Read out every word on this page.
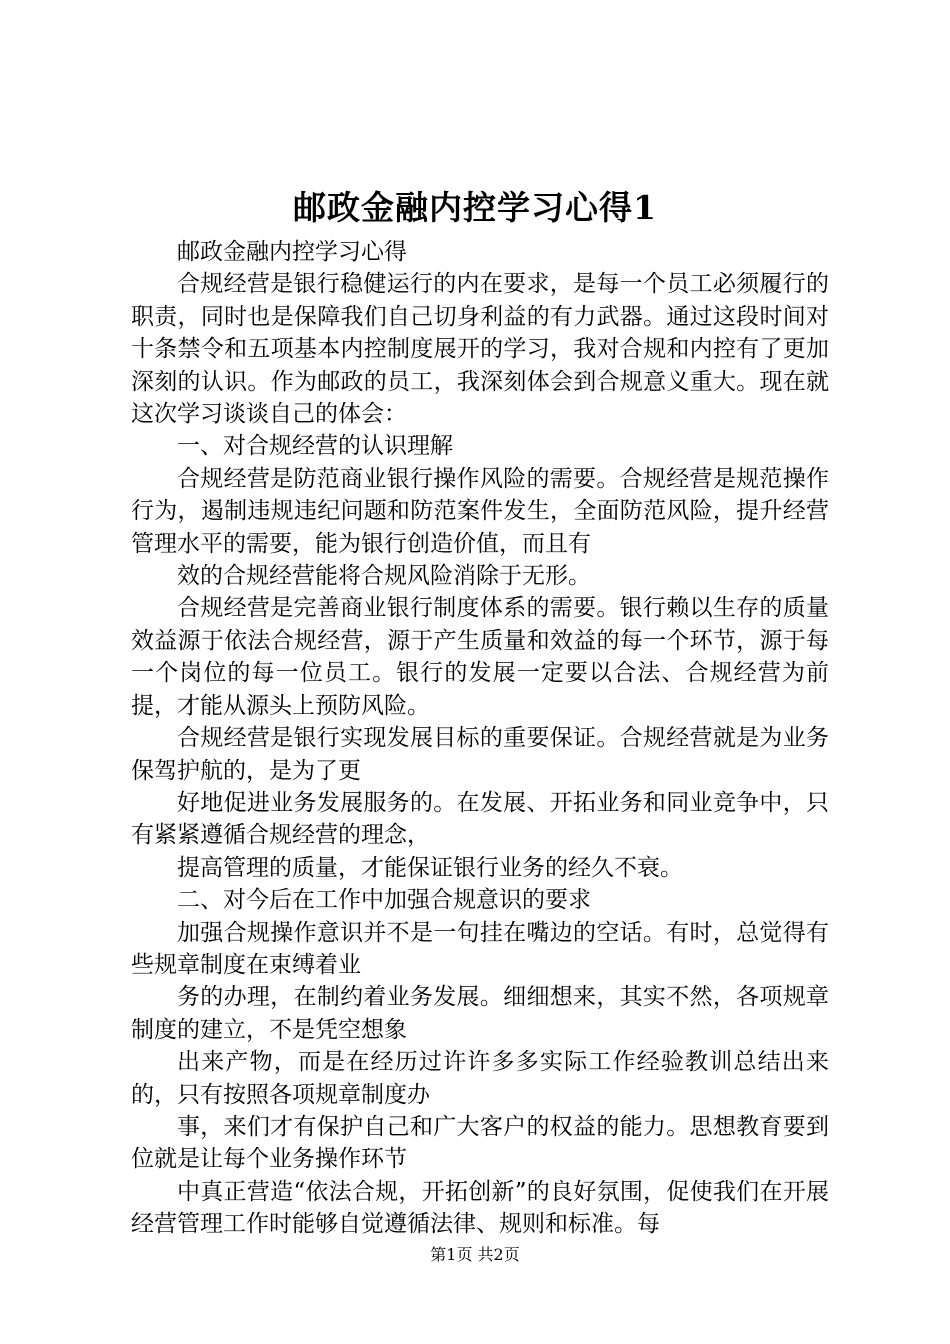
邮政金融内控学习心得1

邮政金融内控学习心得

合规经营是银行稳健运行的内在要求，是每一个员工必须履行的职责，同时也是保障我们自己切身利益的有力武器。通过这段时间对十条禁令和五项基本内控制度展开的学习，我对合规和内控有了更加深刻的认识。作为邮政的员工，我深刻体会到合规意义重大。现在就这次学习谈谈自己的体会：

一、对合规经营的认识理解

合规经营是防范商业银行操作风险的需要。合规经营是规范操作行为，遏制违规违纪问题和防范案件发生，全面防范风险，提升经营管理水平的需要，能为银行创造价值，而且有

效的合规经营能将合规风险消除于无形。

合规经营是完善商业银行制度体系的需要。银行赖以生存的质量效益源于依法合规经营，源于产生质量和效益的每一个环节，源于每一个岗位的每一位员工。银行的发展一定要以合法、合规经营为前提，才能从源头上预防风险。

合规经营是银行实现发展目标的重要保证。合规经营就是为业务保驾护航的，是为了更

好地促进业务发展服务的。在发展、开拓业务和同业竞争中，只有紧紧遵循合规经营的理念，

提高管理的质量，才能保证银行业务的经久不衰。

二、对今后在工作中加强合规意识的要求

加强合规操作意识并不是一句挂在嘴边的空话。有时，总觉得有些规章制度在束缚着业

务的办理，在制约着业务发展。细细想来，其实不然，各项规章制度的建立，不是凭空想象

出来产物，而是在经历过许许多多实际工作经验教训总结出来的，只有按照各项规章制度办

事，来们才有保护自己和广大客户的权益的能力。思想教育要到位就是让每个业务操作环节

中真正营造“依法合规，开拓创新”的良好氛围，促使我们在开展经营管理工作时能够自觉遵循法律、规则和标准。每

第1页 共2页
